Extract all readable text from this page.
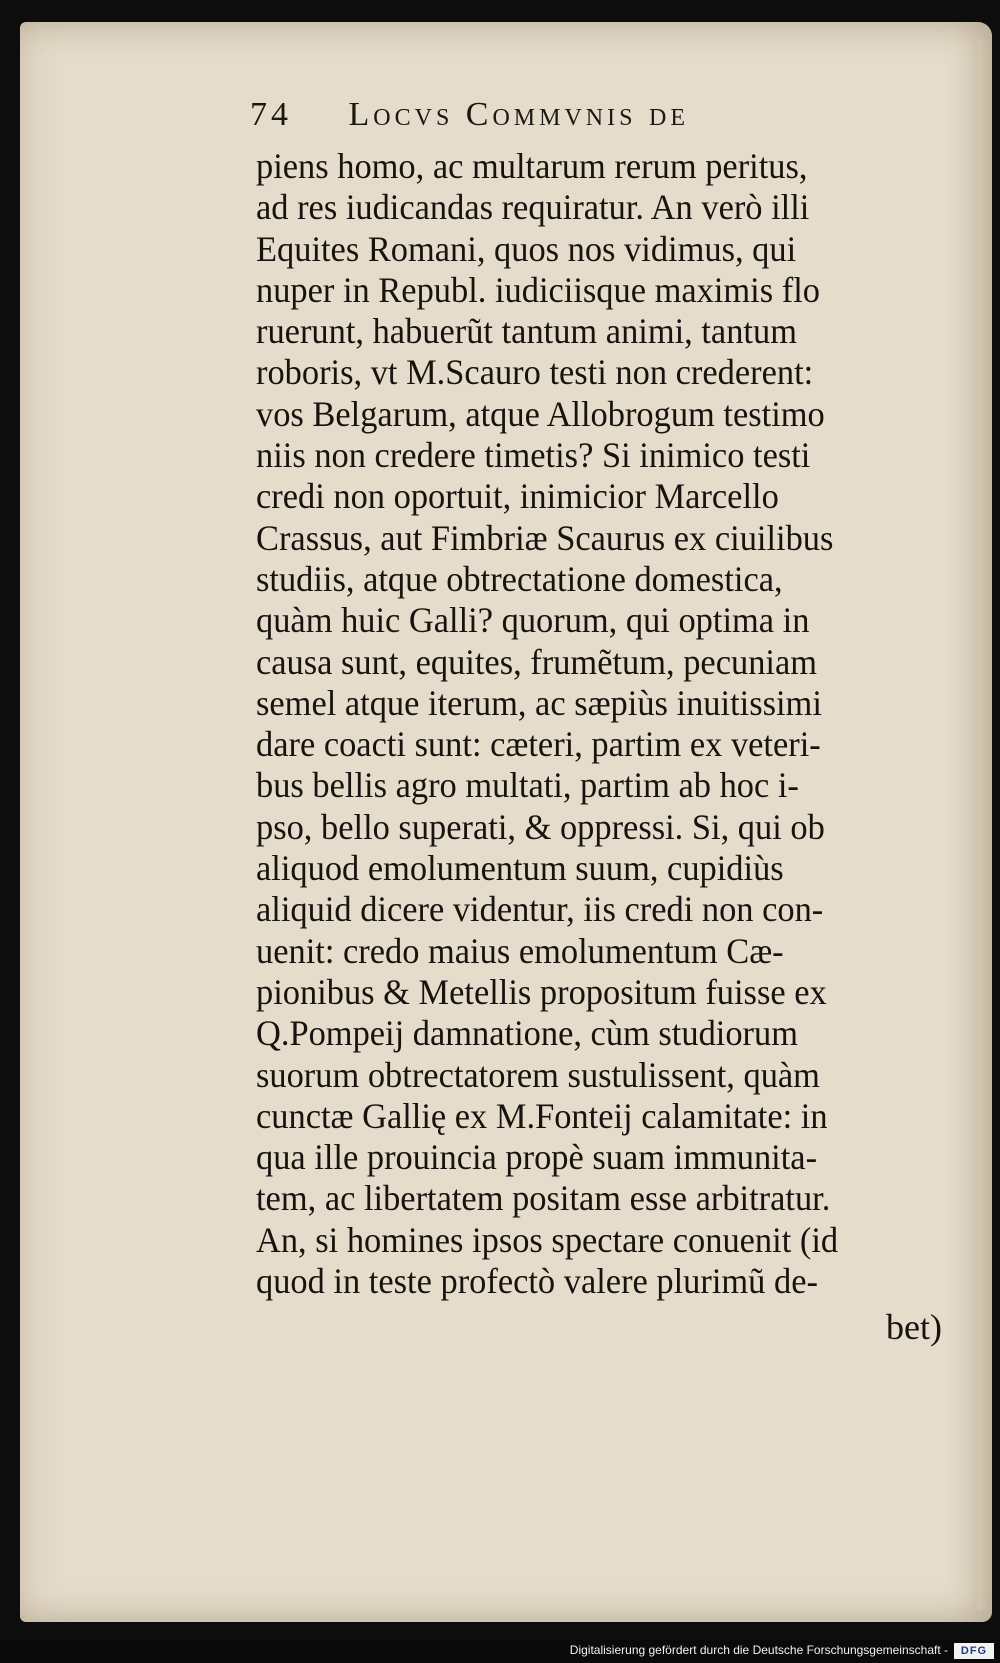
74 Locvs Commvnis de
piens homo, ac multarum rerum peritus,
ad res iudicandas requiratur. An verò illi
Equites Romani, quos nos vidimus, qui
nuper in Republ. iudiciisque maximis flo
ruerunt, habuerũt tantum animi, tantum
roboris, vt M.Scauro testi non crederent:
vos Belgarum, atque Allobrogum testimo
niis non credere timetis? Si inimico testi
credi non oportuit, inimicior Marcello
Crassus, aut Fimbriæ Scaurus ex ciuilibus
studiis, atque obtrectatione domestica,
quàm huic Galli? quorum, qui optima in
causa sunt, equites, frumẽtum, pecuniam
semel atque iterum, ac sæpiùs inuitissimi
dare coacti sunt: cæteri, partim ex veteri-
bus bellis agro multati, partim ab hoc i-
pso, bello superati, & oppressi. Si, qui ob
aliquod emolumentum suum, cupidiùs
aliquid dicere videntur, iis credi non con-
uenit: credo maius emolumentum Cæ-
pionibus & Metellis propositum fuisse ex
Q.Pompeij damnatione, cùm studiorum
suorum obtrectatorem sustulissent, quàm
cunctæ Gallię ex M.Fonteij calamitate: in
qua ille prouincia propè suam immunita-
tem, ac libertatem positam esse arbitratur.
An, si homines ipsos spectare conuenit (id
quod in teste profectò valere plurimũ de-
bet)
Digitalisierung gefördert durch die Deutsche Forschungsgemeinschaft -	DFG
